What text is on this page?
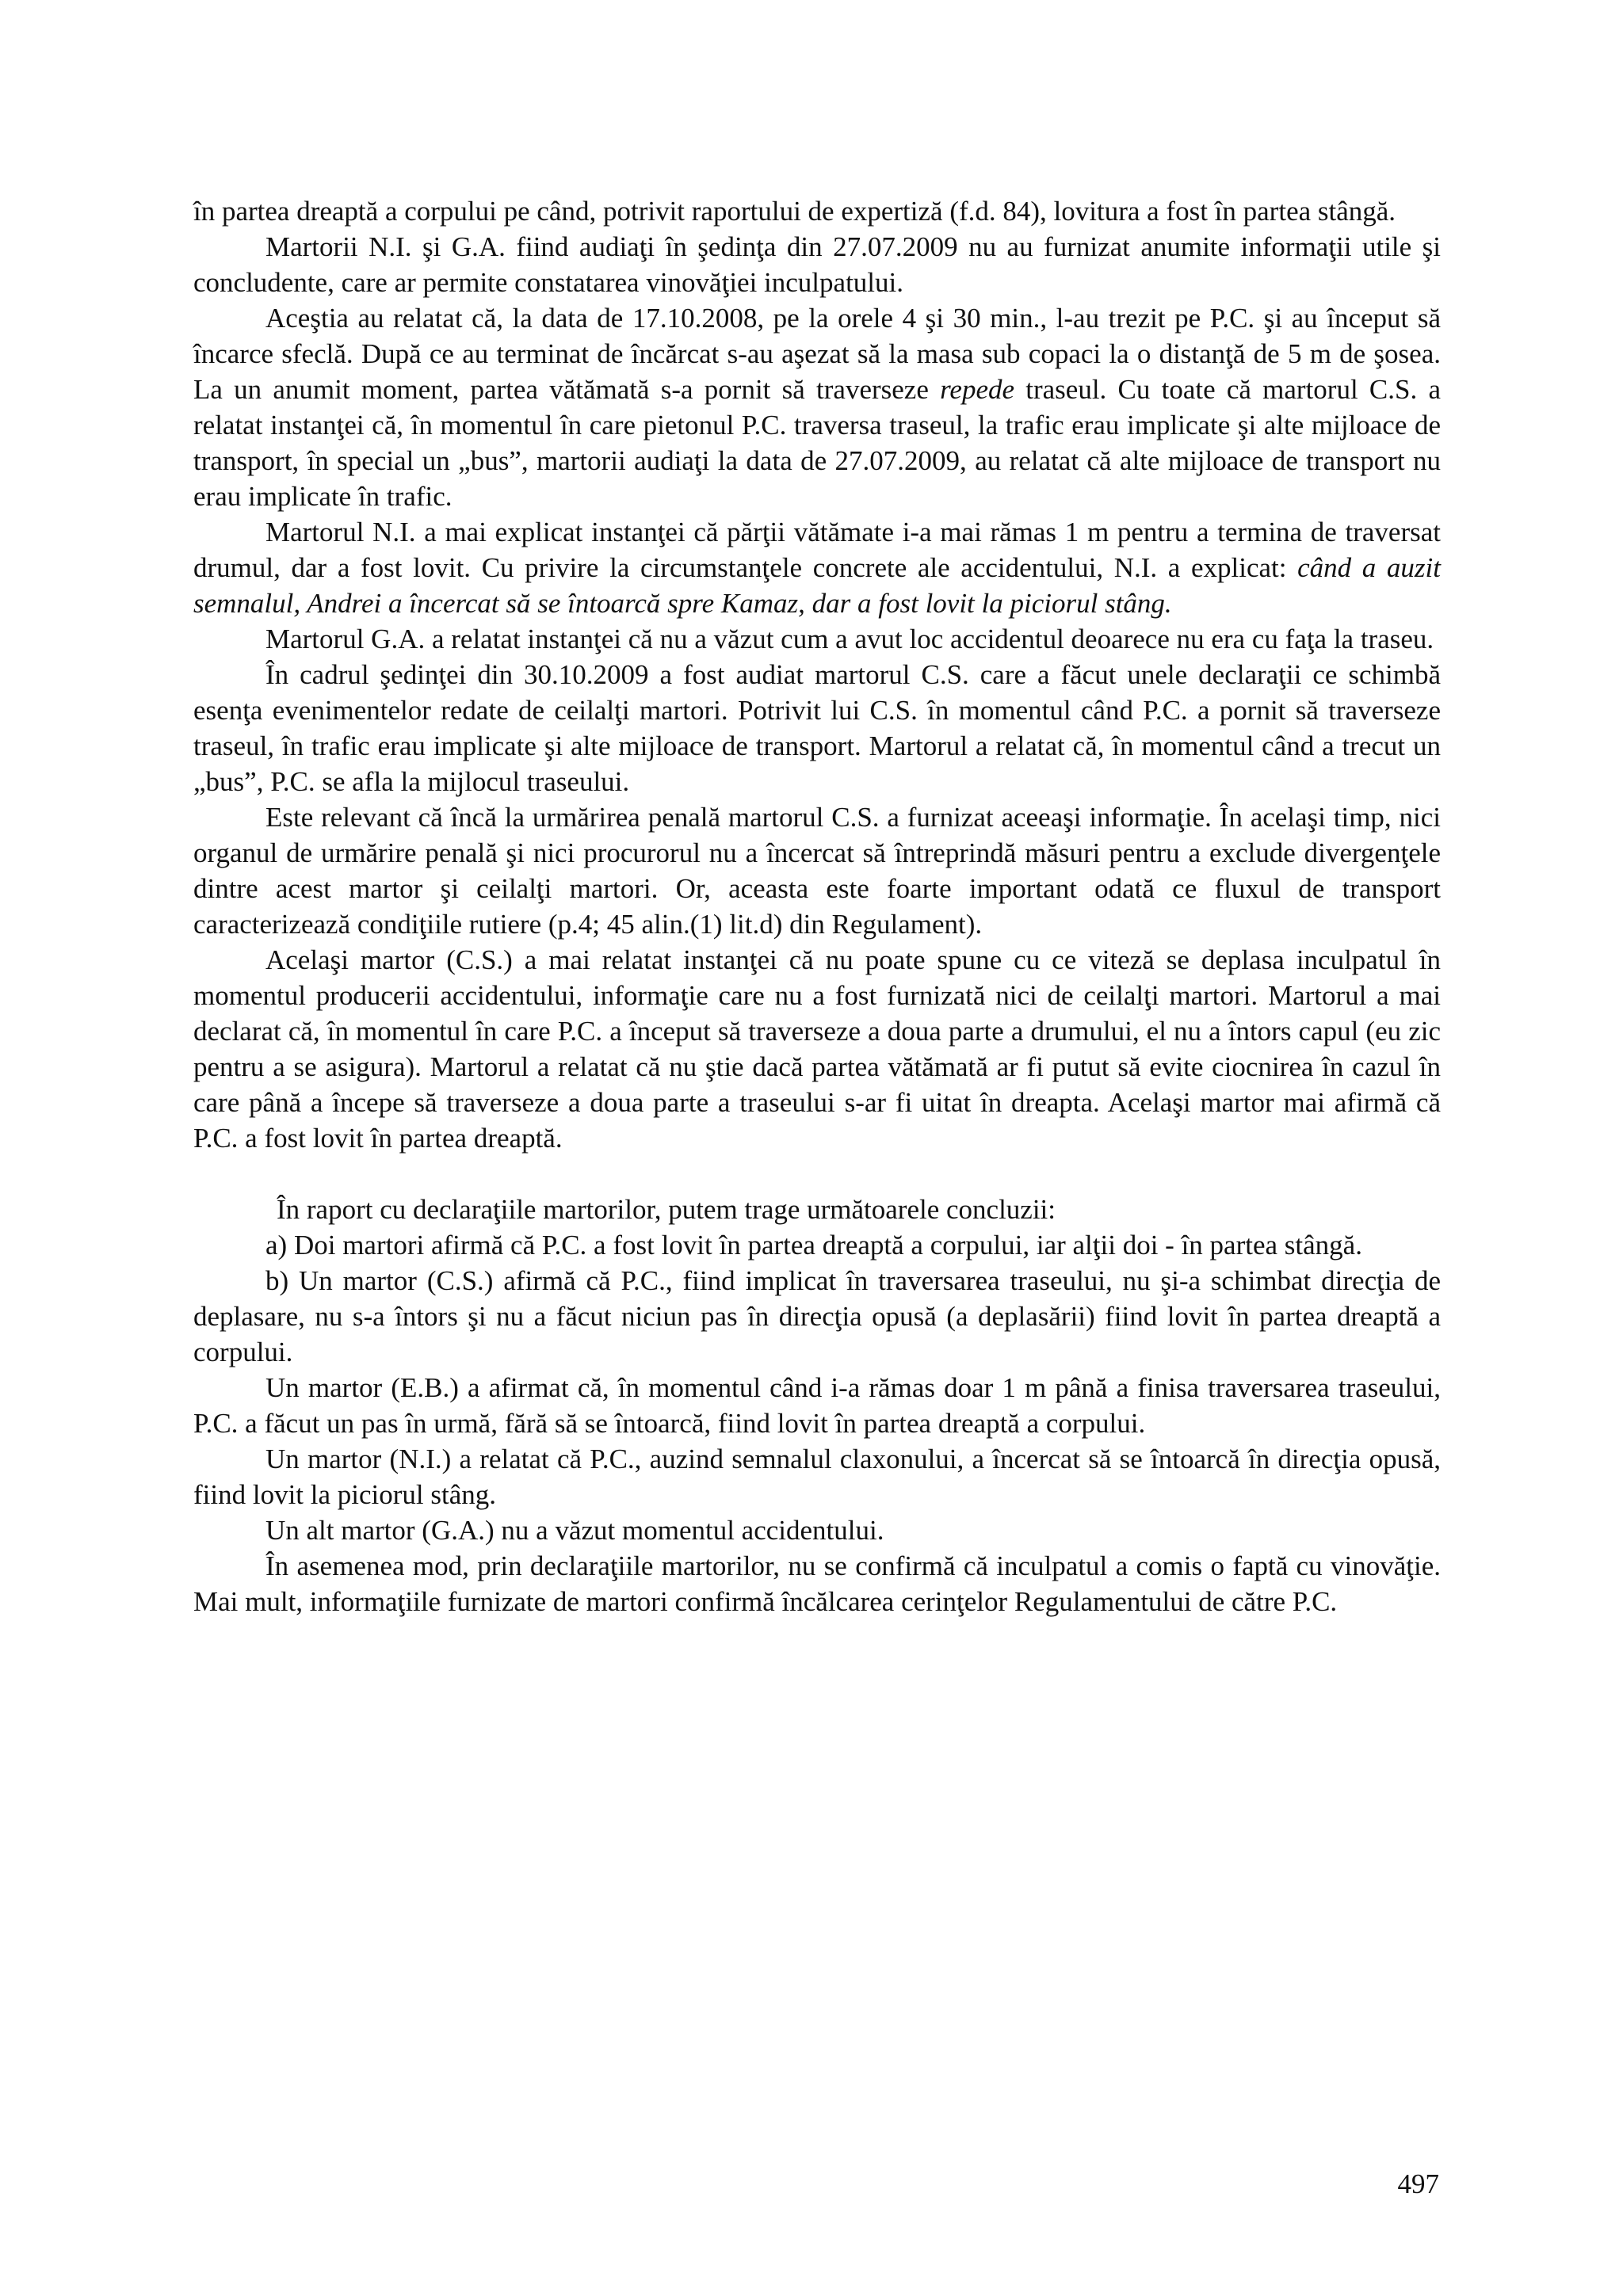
în partea dreaptă a corpului pe când, potrivit raportului de expertiză (f.d. 84), lovitura a fost în partea stângă.

Martorii N.I. şi G.A. fiind audiaţi în şedinţa din 27.07.2009 nu au furnizat anumite informaţii utile şi concludente, care ar permite constatarea vinovăţiei inculpatului.

Aceştia au relatat că, la data de 17.10.2008, pe la orele 4 şi 30 min., l-au trezit pe P.C. şi au început să încarce sfeclă. După ce au terminat de încărcat s-au aşezat să la masa sub copaci la o distanţă de 5 m de şosea. La un anumit moment, partea vătămată s-a pornit să traverseze repede traseul. Cu toate că martorul C.S. a relatat instanţei că, în momentul în care pietonul P.C. traversa traseul, la trafic erau implicate şi alte mijloace de transport, în special un „bus”, martorii audiaţi la data de 27.07.2009, au relatat că alte mijloace de transport nu erau implicate în trafic.

Martorul N.I. a mai explicat instanţei că părţii vătămate i-a mai rămas 1 m pentru a termina de traversat drumul, dar a fost lovit. Cu privire la circumstanţele concrete ale accidentului, N.I. a explicat: când a auzit semnalul, Andrei a încercat să se întoarcă spre Kamaz, dar a fost lovit la piciorul stâng.

Martorul G.A. a relatat instanţei că nu a văzut cum a avut loc accidentul deoarece nu era cu faţa la traseu.

În cadrul şedinţei din 30.10.2009 a fost audiat martorul C.S. care a făcut unele declaraţii ce schimbă esenţa evenimentelor redate de ceilalţi martori. Potrivit lui C.S. în momentul când P.C. a pornit să traverseze traseul, în trafic erau implicate şi alte mijloace de transport. Martorul a relatat că, în momentul când a trecut un „bus”, P.C. se afla la mijlocul traseului.

Este relevant că încă la urmărirea penală martorul C.S. a furnizat aceeaşi informaţie. În acelaşi timp, nici organul de urmărire penală şi nici procurorul nu a încercat să întreprindă măsuri pentru a exclude divergenţele dintre acest martor şi ceilalţi martori. Or, aceasta este foarte important odată ce fluxul de transport caracterizează condiţiile rutiere (p.4; 45 alin.(1) lit.d) din Regulament).

Acelaşi martor (C.S.) a mai relatat instanţei că nu poate spune cu ce viteză se deplasa inculpatul în momentul producerii accidentului, informaţie care nu a fost furnizată nici de ceilalţi martori. Martorul a mai declarat că, în momentul în care P.C. a început să traverseze a doua parte a drumului, el nu a întors capul (eu zic pentru a se asigura). Martorul a relatat că nu ştie dacă partea vătămată ar fi putut să evite ciocnirea în cazul în care până a începe să traverseze a doua parte a traseului s-ar fi uitat în dreapta. Acelaşi martor mai afirmă că P.C. a fost lovit în partea dreaptă.

În raport cu declaraţiile martorilor, putem trage următoarele concluzii:

a) Doi martori afirmă că P.C. a fost lovit în partea dreaptă a corpului, iar alţii doi - în partea stângă.

b) Un martor (C.S.) afirmă că P.C., fiind implicat în traversarea traseului, nu şi-a schimbat direcţia de deplasare, nu s-a întors şi nu a făcut niciun pas în direcţia opusă (a deplasării) fiind lovit în partea dreaptă a corpului.

Un martor (E.B.) a afirmat că, în momentul când i-a rămas doar 1 m până a finisa traversarea traseului, P.C. a făcut un pas în urmă, fără să se întoarcă, fiind lovit în partea dreaptă a corpului.

Un martor (N.I.) a relatat că P.C., auzind semnalul claxonului, a încercat să se întoarcă în direcţia opusă, fiind lovit la piciorul stâng.

Un alt martor (G.A.) nu a văzut momentul accidentului.

În asemenea mod, prin declaraţiile martorilor, nu se confirmă că inculpatul a comis o faptă cu vinovăţie. Mai mult, informaţiile furnizate de martori confirmă încălcarea cerinţelor Regulamentului de către P.C.

497
